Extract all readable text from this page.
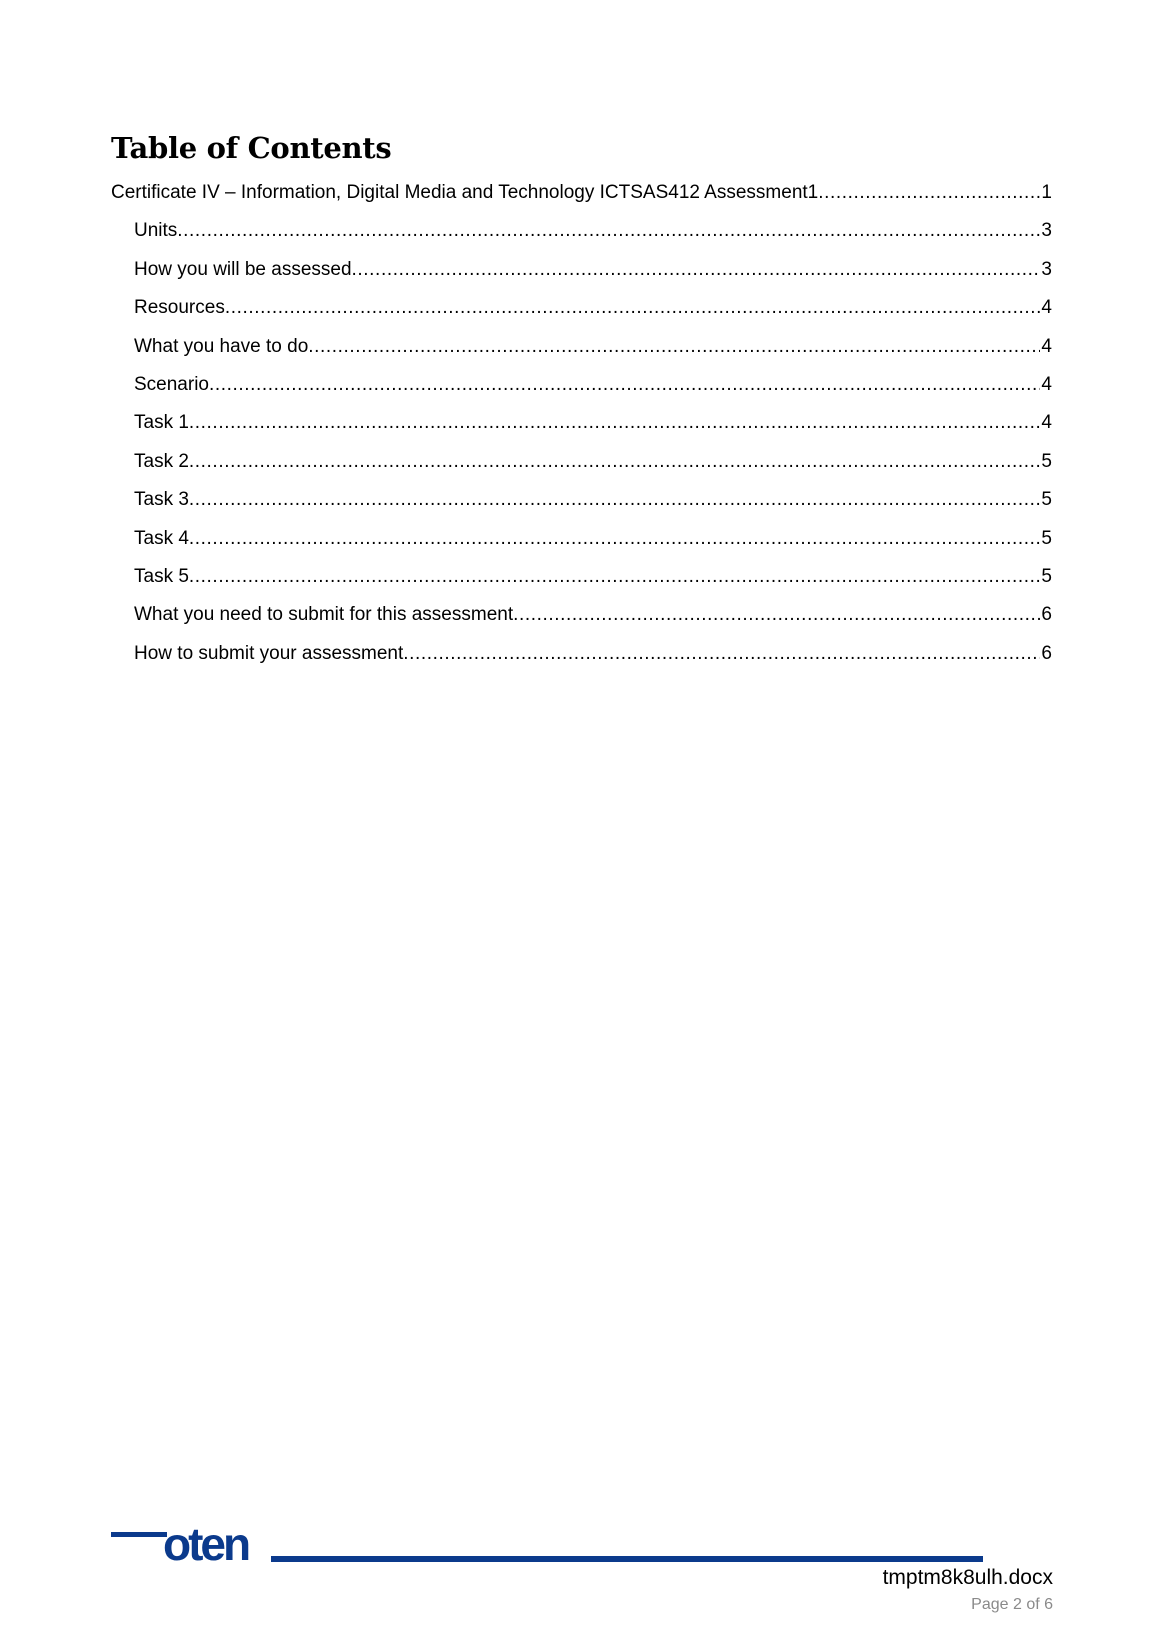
Table of Contents
Certificate IV – Information, Digital Media and Technology ICTSAS412 Assessment1 .....	1
Units .....	3
How you will be assessed .....	3
Resources .....	4
What you have to do .....	4
Scenario .....	4
Task 1 .....	4
Task 2 .....	5
Task 3 .....	5
Task 4 .....	5
Task 5 .....	5
What you need to submit for this assessment .....	6
How to submit your assessment .....	6
oten

tmptm8k8ulh.docx

Page 2 of 6
